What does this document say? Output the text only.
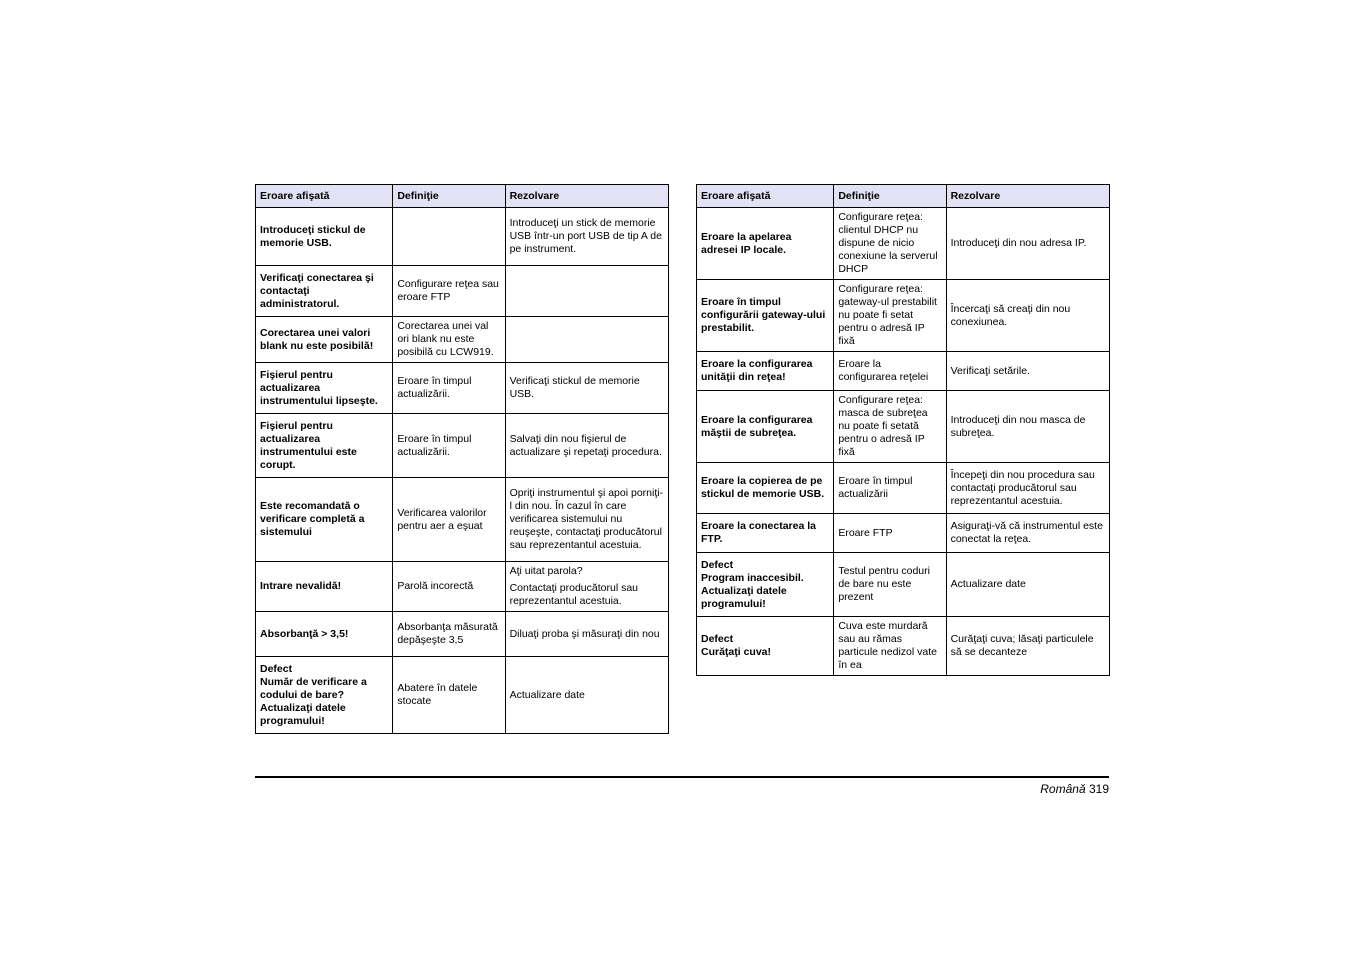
Eroare afişată	Definiţie	Rezolvare

Introduceţi stickul de memorie USB.		Introduceţi un stick de memorie USB într-un port USB de tip A de pe instrument.

Verificaţi conectarea şi contactaţi administratorul.	Configurare reţea sau eroare FTP	

Corectarea unei valori blank nu este posibilă!	Corectarea unei val ori blank nu este posibilă cu LCW919.	

Fişierul pentru actualizarea instrumentului lipseşte.	Eroare în timpul actualizării.	Verificaţi stickul de memorie USB.

Fişierul pentru actualizarea instrumentului este corupt.	Eroare în timpul actualizării.	Salvaţi din nou fişierul de actualizare şi repetaţi procedura.

Este recomandată o verificare completă a sistemului	Verificarea valorilor pentru aer a eşuat	Opriţi instrumentul şi apoi porniţi-l din nou. În cazul în care verificarea sistemului nu reuşeşte, contactaţi producătorul sau reprezentantul acestuia.

Intrare nevalidă!	Parolă incorectă	Aţi uitat parola?
Contactaţi producătorul sau reprezentantul acestuia.

Absorbanţă > 3,5!	Absorbanţa măsurată depăşeşte 3,5	Diluaţi proba şi măsuraţi din nou

Defect
Număr de verificare a codului de bare?
Actualizaţi datele programului!	Abatere în datele stocate	Actualizare date
Eroare afişată	Definiţie	Rezolvare

Eroare la apelarea adresei IP locale.	Configurare reţea: clientul DHCP nu dispune de nicio conexiune la serverul DHCP	Introduceţi din nou adresa IP.

Eroare în timpul configurării gateway-ului prestabilit.	Configurare reţea: gateway-ul prestabilit nu poate fi setat pentru o adresă IP fixă	Încercaţi să creaţi din nou conexiunea.

Eroare la configurarea unităţii din reţea!	Eroare la configurarea reţelei	Verificaţi setările.

Eroare la configurarea măştii de subreţea.	Configurare reţea: masca de subreţea nu poate fi setată pentru o adresă IP fixă	Introduceţi din nou masca de subreţea.

Eroare la copierea de pe stickul de memorie USB.	Eroare în timpul actualizării	Începeţi din nou procedura sau contactaţi producătorul sau reprezentantul acestuia.

Eroare la conectarea la FTP.	Eroare FTP	Asiguraţi-vă că instrumentul este conectat la reţea.

Defect
Program inaccesibil. Actualizaţi datele programului!	Testul pentru coduri de bare nu este prezent	Actualizare date

Defect
Curăţaţi cuva!	Cuva este murdară sau au rămas particule nedizol vate în ea	Curăţaţi cuva; lăsaţi particulele să se decanteze
Română 319
